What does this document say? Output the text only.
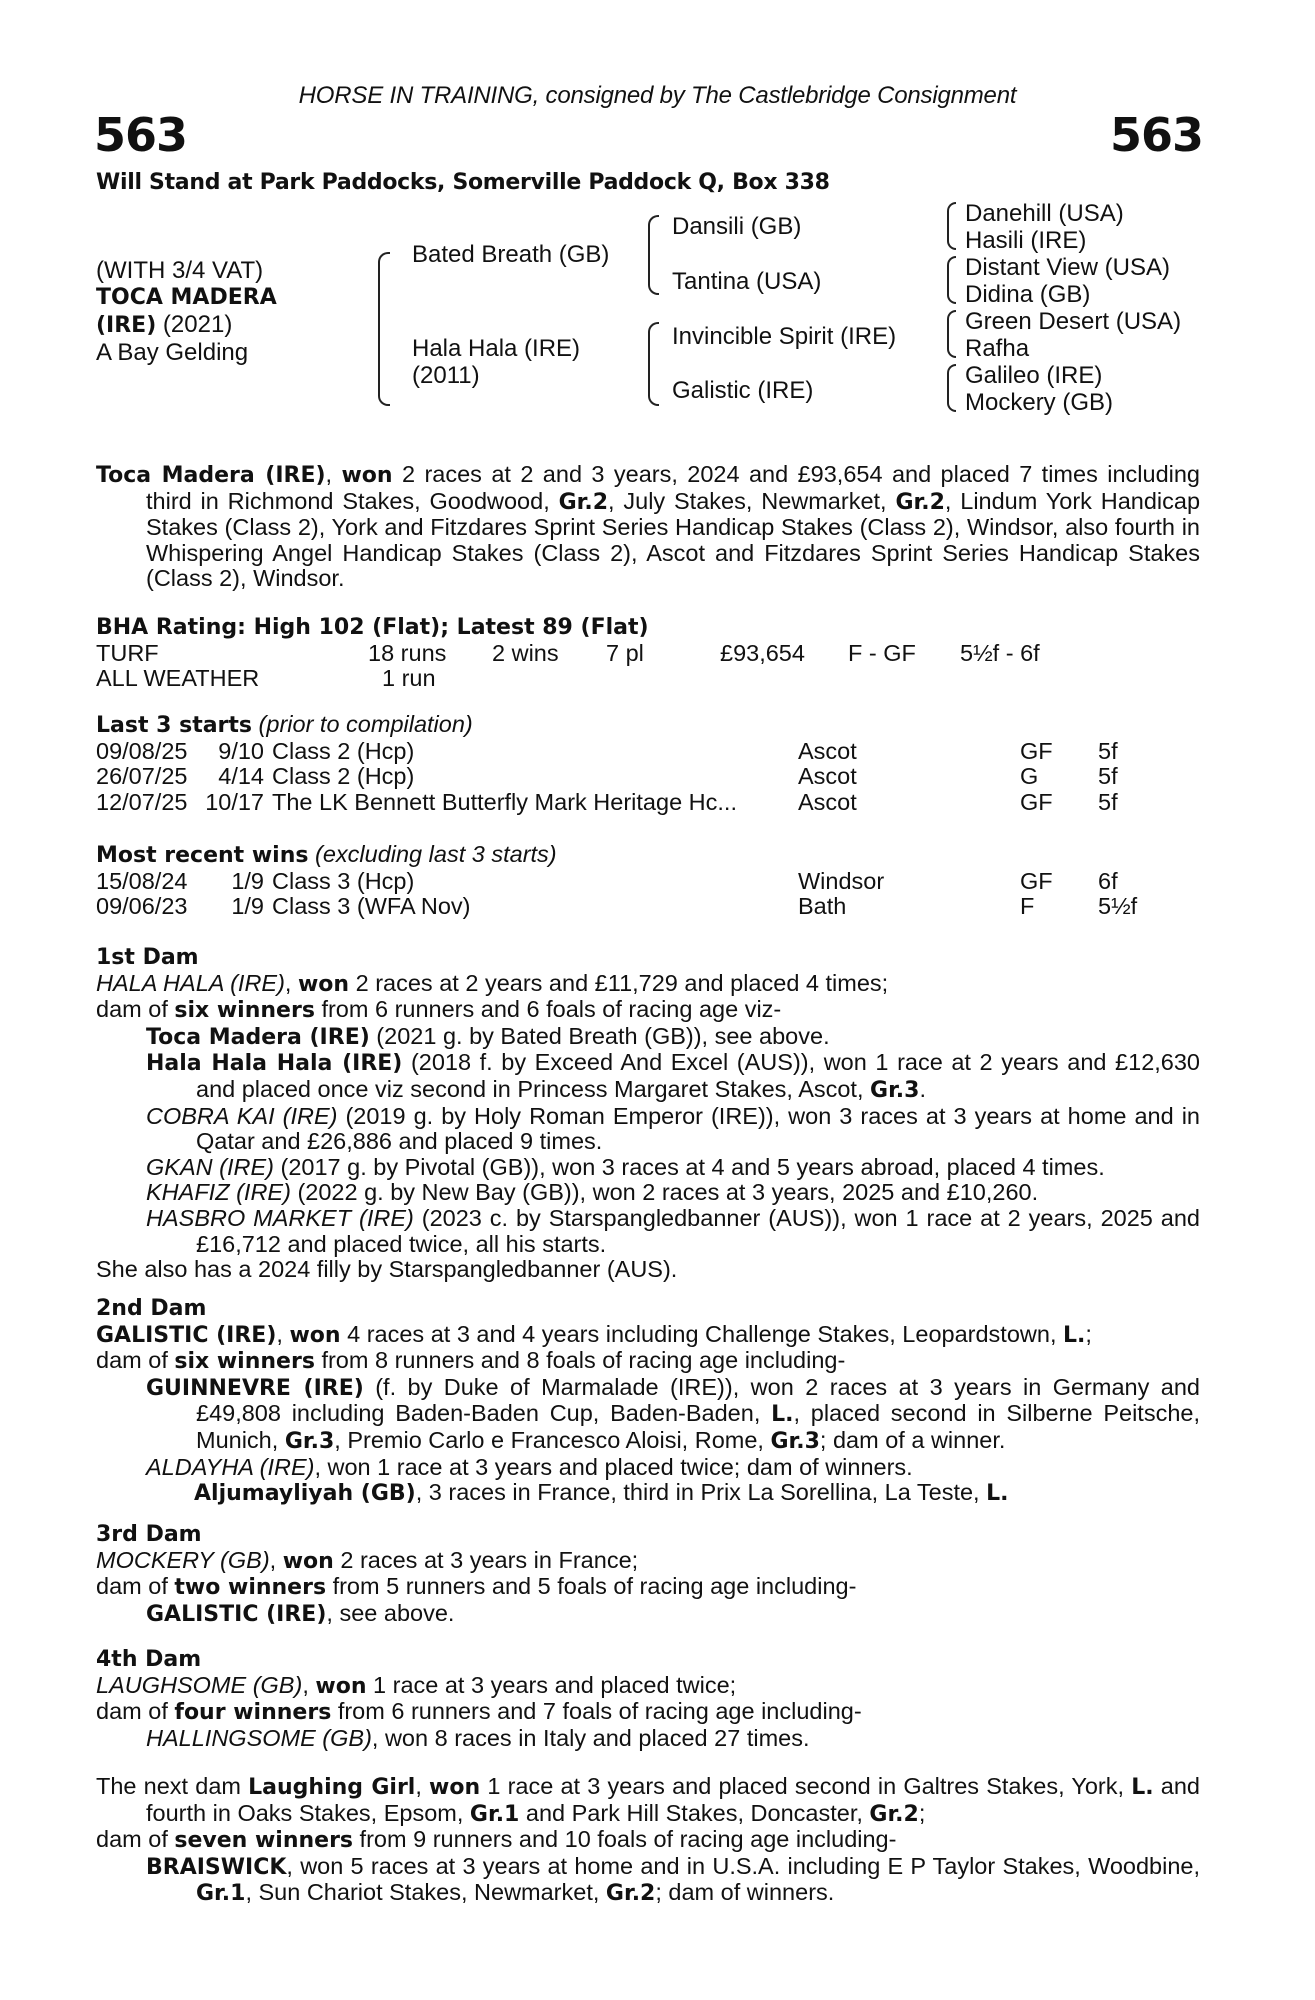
HORSE IN TRAINING, consigned by The Castlebridge Consignment
563	563
Will Stand at Park Paddocks, Somerville Paddock Q, Box 338
(WITH 3/4 VAT)
TOCA MADERA
(IRE) (2021)
A Bay Gelding
Bated Breath (GB)
Hala Hala (IRE)
(2011)
Dansili (GB)
Tantina (USA)
Invincible Spirit (IRE)
Galistic (IRE)
Danehill (USA)
Hasili (IRE)
Distant View (USA)
Didina (GB)
Green Desert (USA)
Rafha
Galileo (IRE)
Mockery (GB)
Toca Madera (IRE), won 2 races at 2 and 3 years, 2024 and £93,654 and placed 7 times including third in Richmond Stakes, Goodwood, Gr.2, July Stakes, Newmarket, Gr.2, Lindum York Handicap Stakes (Class 2), York and Fitzdares Sprint Series Handicap Stakes (Class 2), Windsor, also fourth in Whispering Angel Handicap Stakes (Class 2), Ascot and Fitzdares Sprint Series Handicap Stakes (Class 2), Windsor.
BHA Rating: High 102 (Flat); Latest 89 (Flat)
TURF	18 runs	2 wins	7 pl	£93,654	F - GF	5½f - 6f
ALL WEATHER	1 run					
Last 3 starts (prior to compilation)
09/08/25	9/10	Class 2 (Hcp)	Ascot	GF	5f
26/07/25	4/14	Class 2 (Hcp)	Ascot	G	5f
12/07/25	10/17	The LK Bennett Butterfly Mark Heritage Hc...	Ascot	GF	5f
Most recent wins (excluding last 3 starts)
15/08/24	1/9	Class 3 (Hcp)	Windsor	GF	6f
09/06/23	1/9	Class 3 (WFA Nov)	Bath	F	5½f
1st Dam
HALA HALA (IRE), won 2 races at 2 years and £11,729 and placed 4 times;
dam of six winners from 6 runners and 6 foals of racing age viz-
Toca Madera (IRE) (2021 g. by Bated Breath (GB)), see above.
Hala Hala Hala (IRE) (2018 f. by Exceed And Excel (AUS)), won 1 race at 2 years and £12,630 and placed once viz second in Princess Margaret Stakes, Ascot, Gr.3.
COBRA KAI (IRE) (2019 g. by Holy Roman Emperor (IRE)), won 3 races at 3 years at home and in Qatar and £26,886 and placed 9 times.
GKAN (IRE) (2017 g. by Pivotal (GB)), won 3 races at 4 and 5 years abroad, placed 4 times.
KHAFIZ (IRE) (2022 g. by New Bay (GB)), won 2 races at 3 years, 2025 and £10,260.
HASBRO MARKET (IRE) (2023 c. by Starspangledbanner (AUS)), won 1 race at 2 years, 2025 and £16,712 and placed twice, all his starts.
She also has a 2024 filly by Starspangledbanner (AUS).
2nd Dam
GALISTIC (IRE), won 4 races at 3 and 4 years including Challenge Stakes, Leopardstown, L.;
dam of six winners from 8 runners and 8 foals of racing age including-
GUINNEVRE (IRE) (f. by Duke of Marmalade (IRE)), won 2 races at 3 years in Germany and £49,808 including Baden-Baden Cup, Baden-Baden, L., placed second in Silberne Peitsche, Munich, Gr.3, Premio Carlo e Francesco Aloisi, Rome, Gr.3; dam of a winner.
ALDAYHA (IRE), won 1 race at 3 years and placed twice; dam of winners.
Aljumayliyah (GB), 3 races in France, third in Prix La Sorellina, La Teste, L.
3rd Dam
MOCKERY (GB), won 2 races at 3 years in France;
dam of two winners from 5 runners and 5 foals of racing age including-
GALISTIC (IRE), see above.
4th Dam
LAUGHSOME (GB), won 1 race at 3 years and placed twice;
dam of four winners from 6 runners and 7 foals of racing age including-
HALLINGSOME (GB), won 8 races in Italy and placed 27 times.
The next dam Laughing Girl, won 1 race at 3 years and placed second in Galtres Stakes, York, L. and fourth in Oaks Stakes, Epsom, Gr.1 and Park Hill Stakes, Doncaster, Gr.2;
dam of seven winners from 9 runners and 10 foals of racing age including-
BRAISWICK, won 5 races at 3 years at home and in U.S.A. including E P Taylor Stakes, Woodbine, Gr.1, Sun Chariot Stakes, Newmarket, Gr.2; dam of winners.
